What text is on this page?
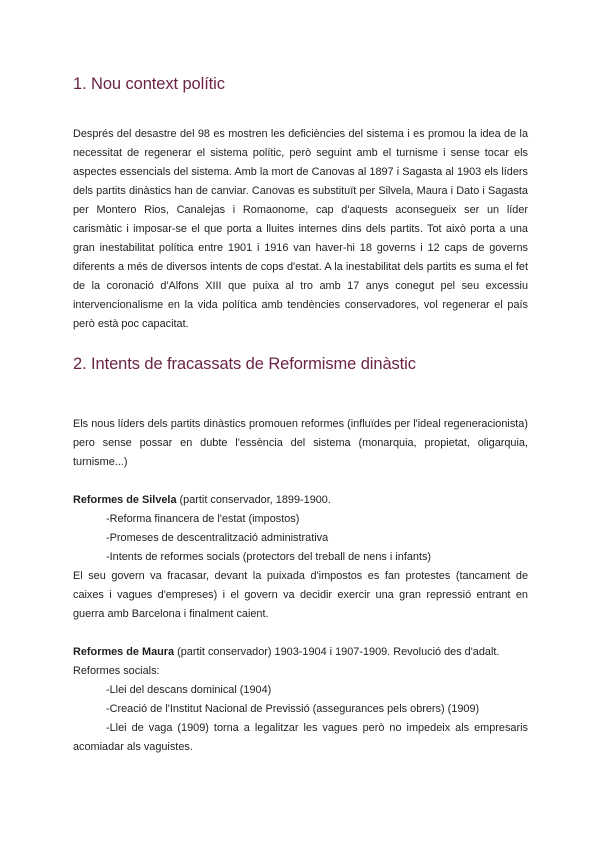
1. Nou context polític

Després del desastre del 98 es mostren les deficiències del sistema i es promou la idea de la necessitat de regenerar el sistema polític, però seguint amb el turnisme i sense tocar els aspectes essencials del sistema. Amb la mort de Canovas al 1897 i Sagasta al 1903 els líders dels partits dinàstics han de canviar. Canovas es substituït per Silvela, Maura i Dato i Sagasta per Montero Rios, Canalejas i Romaonome, cap d'aquests aconsegueix ser un líder carismàtic i imposar-se el que porta a lluites internes dins dels partits. Tot això porta a una gran inestabilitat política entre 1901 i 1916 van haver-hi 18 governs i 12 caps de governs diferents a més de diversos intents de cops d'estat. A la inestabilitat dels partits es suma el fet de la coronació d'Alfons XIII que puixa al tro amb 17 anys conegut pel seu excessiu intervencionalisme en la vida política amb tendències conservadores, vol regenerar el país però està poc capacitat.

2. Intents de fracassats de Reformisme dinàstic

Els nous líders dels partits dinàstics promouen reformes (influïdes per l'ideal regeneracionista) pero sense possar en dubte l'essència del sistema (monarquia, propietat, oligarquia, turnisme...)

Reformes de Silvela (partit conservador, 1899-1900.

-Reforma financera de l'estat (impostos)
-Promeses de descentralització administrativa
-Intents de reformes socials (protectors del treball de nens i infants)

El seu govern va fracasar, devant la puixada d'impostos es fan protestes (tancament de caixes i vagues d'empreses) i el govern va decidir exercir una gran repressió entrant en guerra amb Barcelona i finalment caient.

Reformes de Maura (partit conservador) 1903-1904 i 1907-1909. Revolució des d'adalt.

Reformes socials:

-Llei del descans dominical (1904)
-Creació de l'Institut Nacional de Previssió (assegurances pels obrers) (1909)
-Llei de vaga (1909) torna a legalitzar les vagues però no impedeix als empresaris
acomiadar als vaguistes.
